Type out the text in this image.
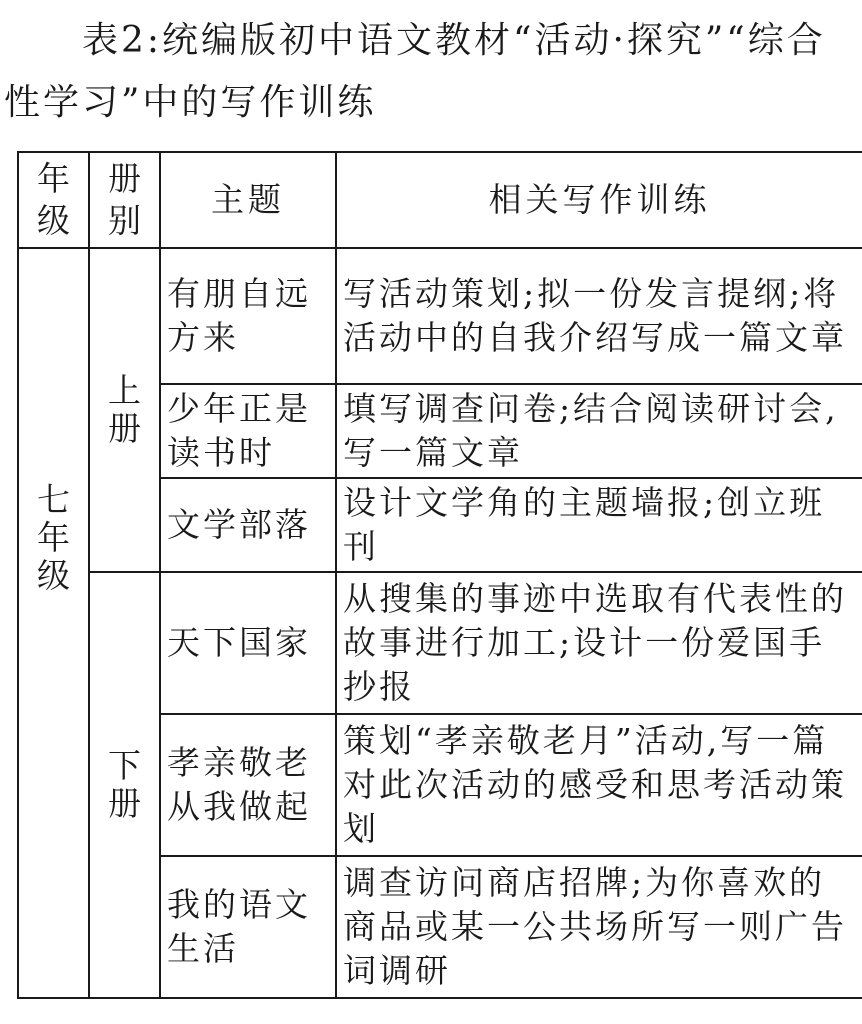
表2:统编版初中语文教材“活动·探究”“综合
性学习”中的写作训练
年级	册别	主题	相关写作训练

七年级	上册	有朋自远方来	写活动策划;拟一份发言提纲;将活动中的自我介绍写成一篇文章

		少年正是读书时	填写调查问卷;结合阅读研讨会,写一篇文章

		文学部落	设计文学角的主题墙报;创立班刊

	下册	天下国家	从搜集的事迹中选取有代表性的故事进行加工;设计一份爱国手抄报

		孝亲敬老从我做起	策划“孝亲敬老月”活动,写一篇对此次活动的感受和思考活动策划

		我的语文生活	调查访问商店招牌;为你喜欢的商品或某一公共场所写一则广告词调研
